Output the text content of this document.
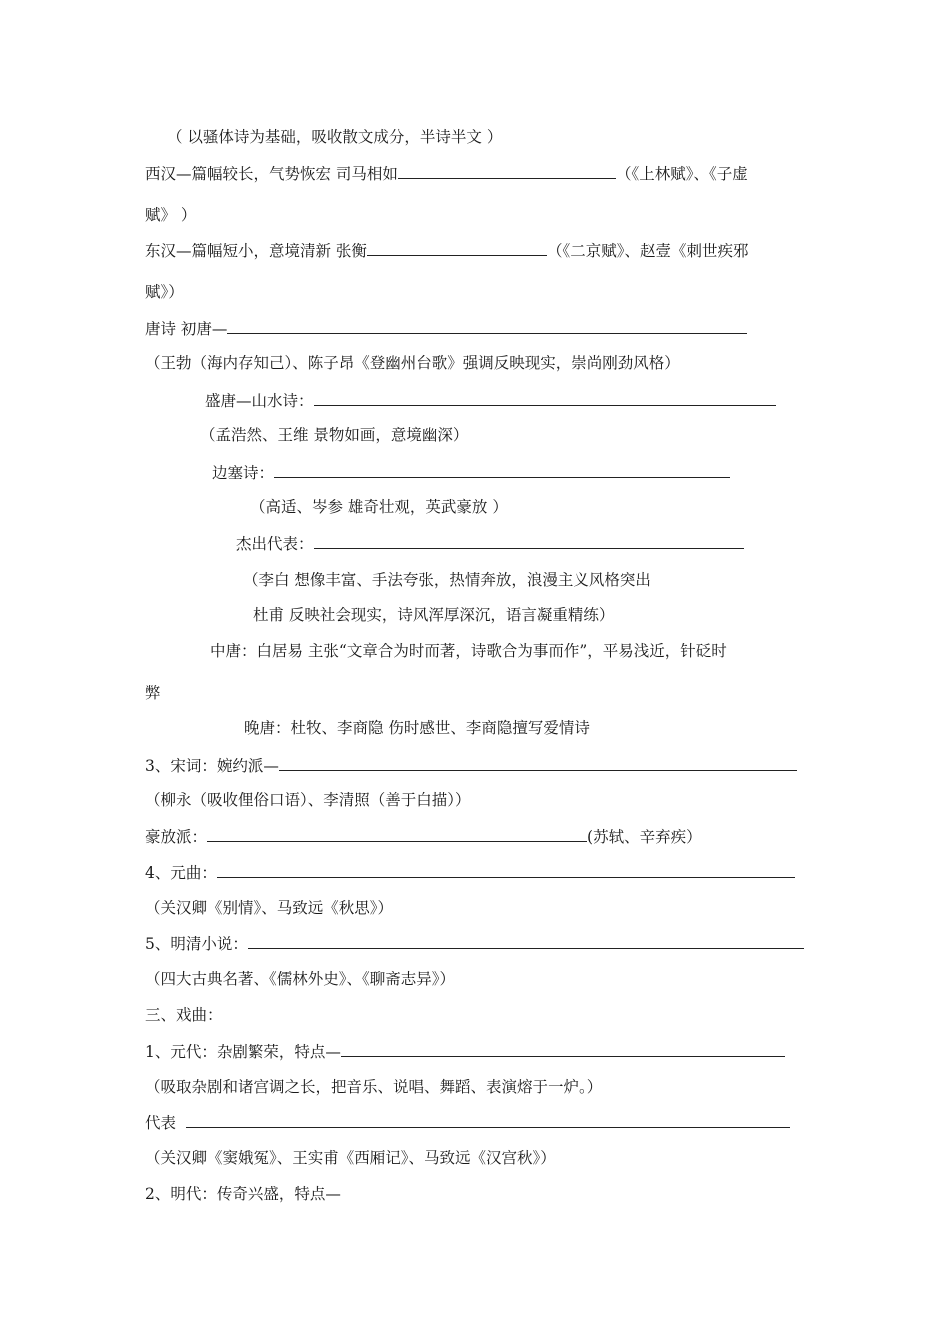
（ 以骚体诗为基础，吸收散文成分，半诗半文 ）
西汉—篇幅较长，气势恢宏 司马相如	（《上林赋》、《子虚
赋》 ）
东汉—篇幅短小，意境清新 张衡	（《二京赋》、赵壹《刺世疾邪
赋》）
唐诗 初唐—
（王勃（海内存知己）、陈子昂《登幽州台歌》强调反映现实，崇尚刚劲风格）
盛唐—山水诗：
（孟浩然、王维 景物如画，意境幽深）
边塞诗：
（高适、岑参 雄奇壮观，英武豪放 ）
杰出代表：
（李白 想像丰富、手法夸张，热情奔放，浪漫主义风格突出
杜甫 反映社会现实，诗风浑厚深沉，语言凝重精练）
中唐：白居易 主张“文章合为时而著，诗歌合为事而作”，平易浅近，针砭时
弊
晚唐：杜牧、李商隐 伤时感世、李商隐擅写爱情诗
3、宋词：婉约派—
（柳永（吸收俚俗口语）、李清照（善于白描））
豪放派：	(苏轼、辛弃疾）
4、元曲：
（关汉卿《别情》、马致远《秋思》）
5、明清小说：
（四大古典名著、《儒林外史》、《聊斋志异》）
三、戏曲：
1、元代：杂剧繁荣，特点—
（吸取杂剧和诸宫调之长，把音乐、说唱、舞蹈、表演熔于一炉。）
代表
（关汉卿《窦娥冤》、王实甫《西厢记》、马致远《汉宫秋》）
2、明代：传奇兴盛，特点—
